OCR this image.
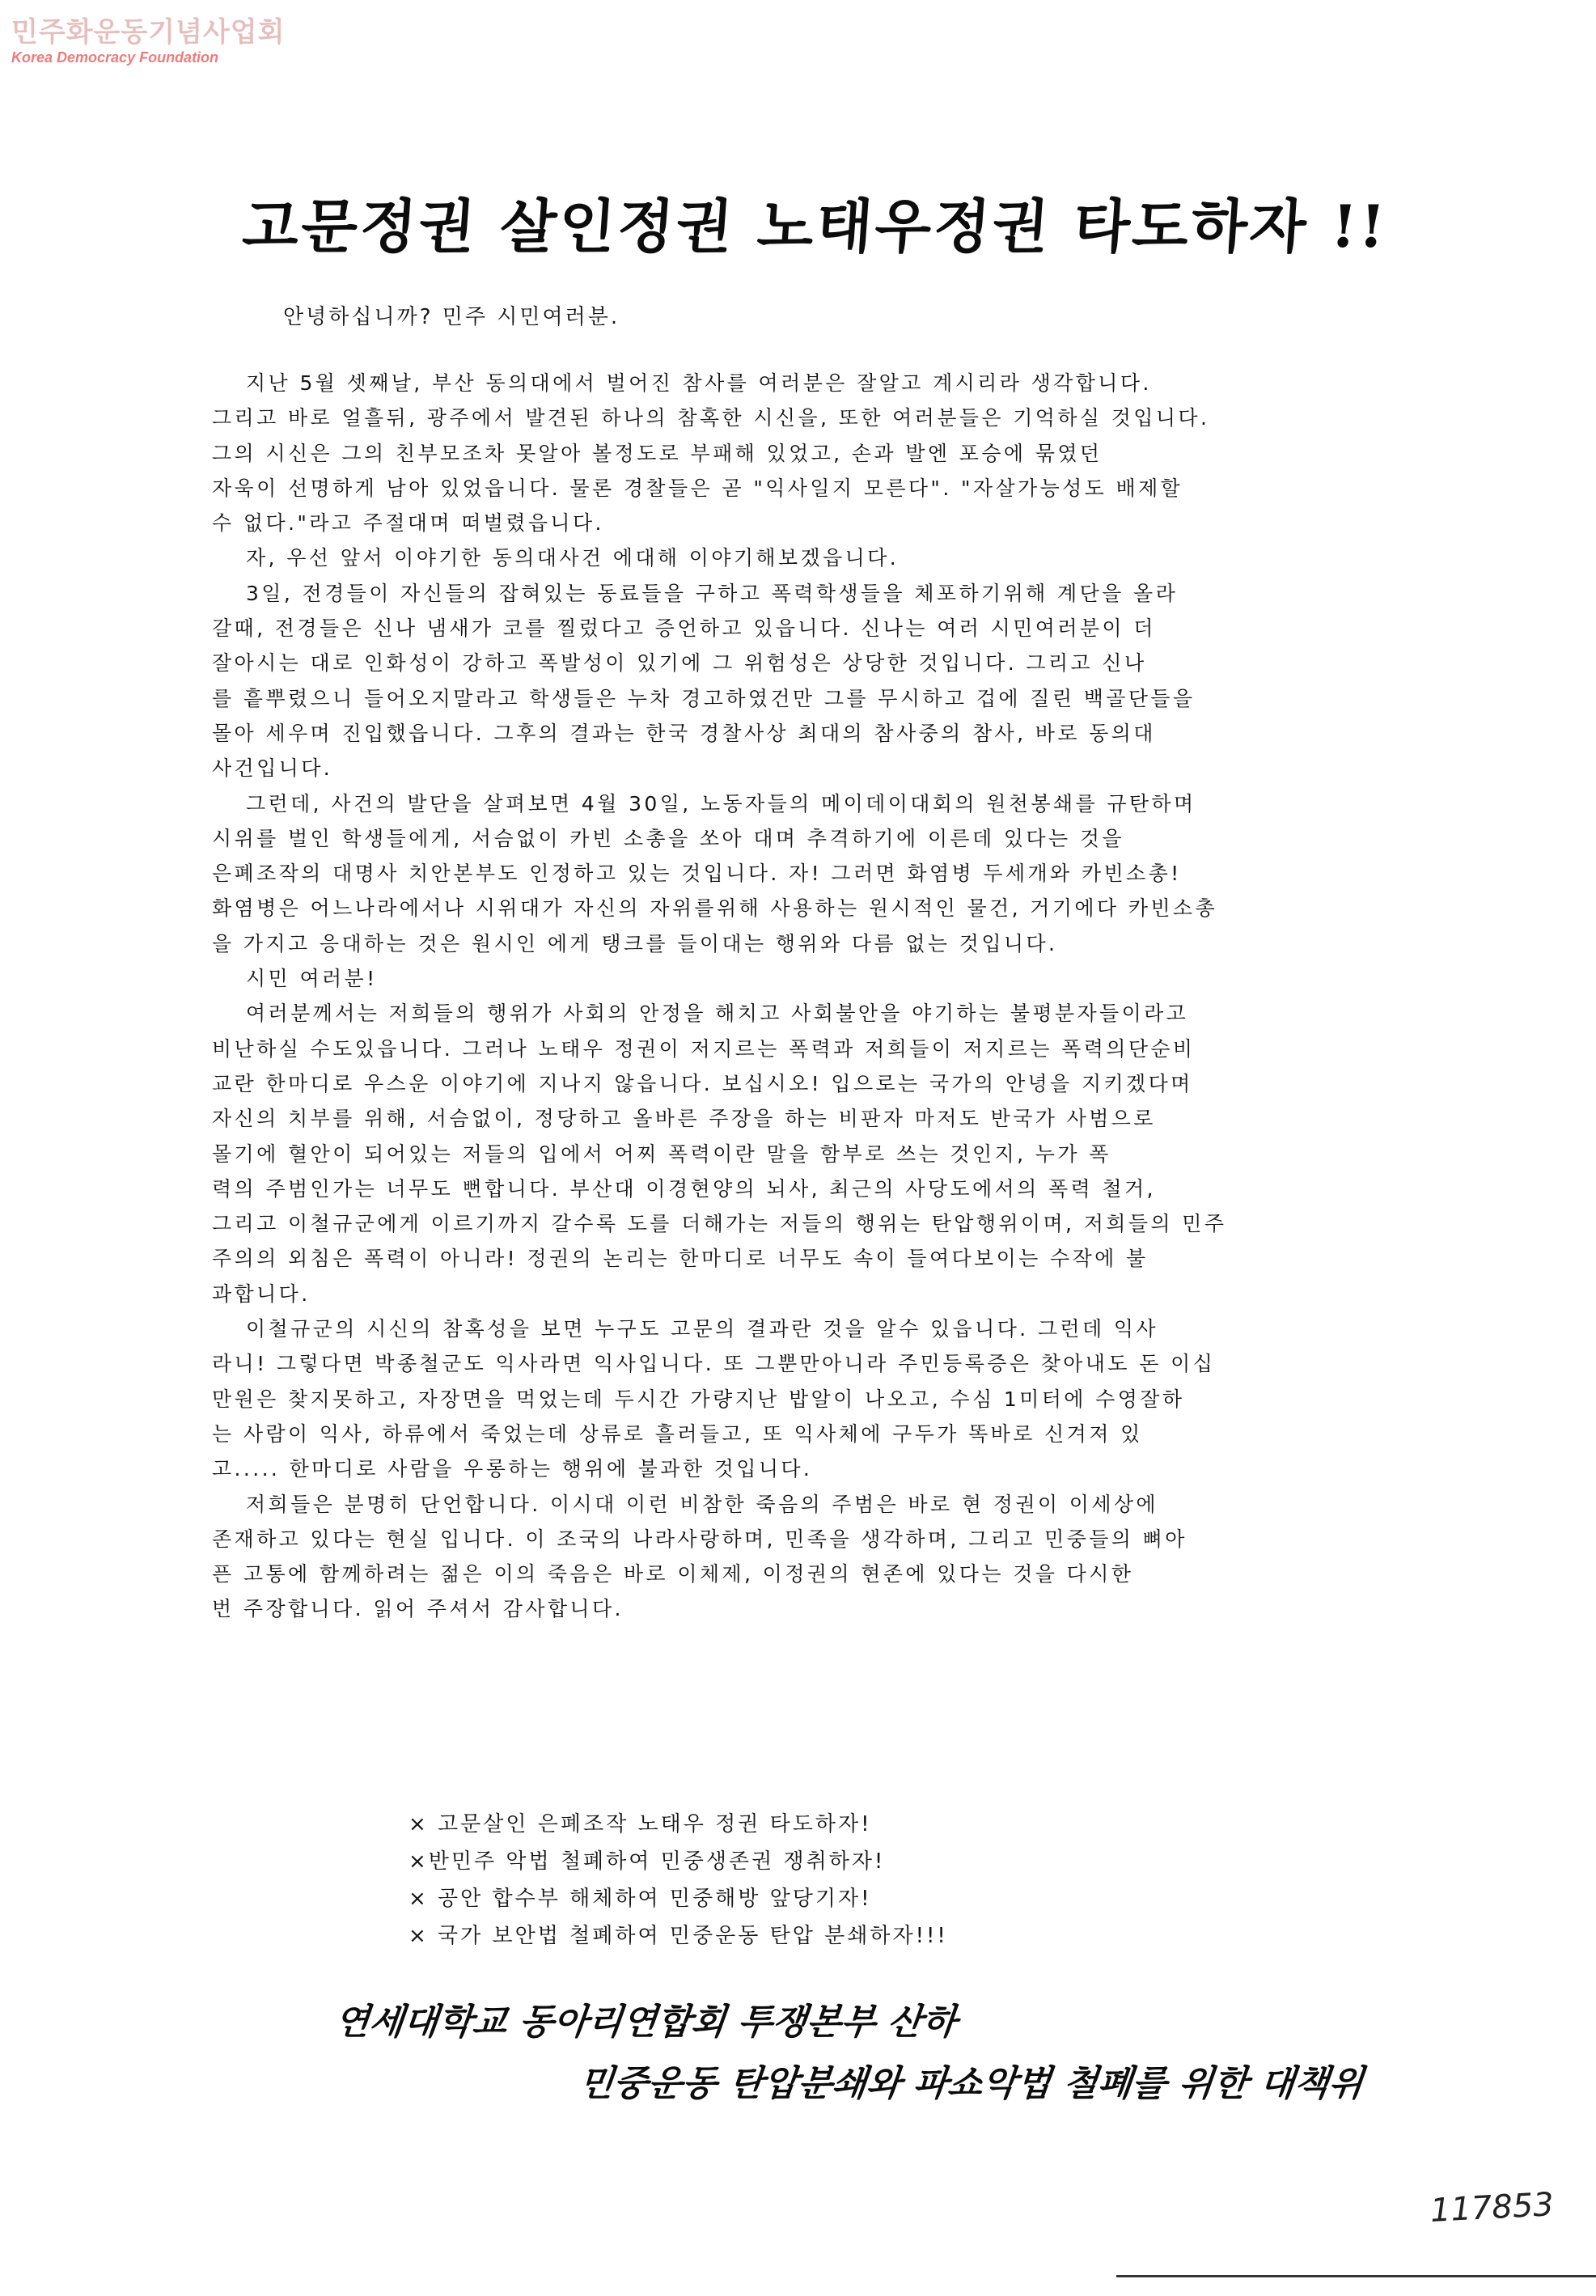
민주화운동기념사업회
Korea Democracy Foundation
고문정권 살인정권 노태우정권 타도하자 !!
안녕하십니까? 민주 시민여러분.
지난 5월 셋째날, 부산 동의대에서 벌어진 참사를 여러분은 잘알고 계시리라 생각합니다.
그리고 바로 얼흘뒤, 광주에서 발견된 하나의 참혹한 시신을, 또한 여러분들은 기억하실 것입니다.
그의 시신은 그의 친부모조차 못알아 볼정도로 부패해 있었고, 손과 발엔 포승에 묶였던
자욱이 선명하게 남아 있었읍니다. 물론 경찰들은 곧 "익사일지 모른다". "자살가능성도 배제할
수 없다."라고 주절대며 떠벌렸읍니다.
자, 우선 앞서 이야기한 동의대사건 에대해 이야기해보겠읍니다.
3일, 전경들이 자신들의 잡혀있는 동료들을 구하고 폭력학생들을 체포하기위해 계단을 올라
갈때, 전경들은 신나 냄새가 코를 찔렀다고 증언하고 있읍니다. 신나는 여러 시민여러분이 더
잘아시는 대로 인화성이 강하고 폭발성이 있기에 그 위험성은 상당한 것입니다. 그리고 신나
를 흩뿌렸으니 들어오지말라고 학생들은 누차 경고하였건만 그를 무시하고 겁에 질린 백골단들을
몰아 세우며 진입했읍니다. 그후의 결과는 한국 경찰사상 최대의 참사중의 참사, 바로 동의대
사건입니다.
그런데, 사건의 발단을 살펴보면 4월 30일, 노동자들의 메이데이대회의 원천봉쇄를 규탄하며
시위를 벌인 학생들에게, 서슴없이 카빈 소총을 쏘아 대며 추격하기에 이른데 있다는 것을
은폐조작의 대명사 치안본부도 인정하고 있는 것입니다. 자! 그러면 화염병 두세개와 카빈소총!
화염병은 어느나라에서나 시위대가 자신의 자위를위해 사용하는 원시적인 물건, 거기에다 카빈소총
을 가지고 응대하는 것은 원시인 에게 탱크를 들이대는 행위와 다름 없는 것입니다.
시민 여러분!
여러분께서는 저희들의 행위가 사회의 안정을 해치고 사회불안을 야기하는 불평분자들이라고
비난하실 수도있읍니다. 그러나 노태우 정권이 저지르는 폭력과 저희들이 저지르는 폭력의단순비
교란 한마디로 우스운 이야기에 지나지 않읍니다. 보십시오! 입으로는 국가의 안녕을 지키겠다며
자신의 치부를 위해, 서슴없이, 정당하고 올바른 주장을 하는 비판자 마저도 반국가 사범으로
몰기에 혈안이 되어있는 저들의 입에서 어찌 폭력이란 말을 함부로 쓰는 것인지, 누가 폭
력의 주범인가는 너무도 뻔합니다. 부산대 이경현양의 뇌사, 최근의 사당도에서의 폭력 철거,
그리고 이철규군에게 이르기까지 갈수록 도를 더해가는 저들의 행위는 탄압행위이며, 저희들의 민주
주의의 외침은 폭력이 아니라! 정권의 논리는 한마디로 너무도 속이 들여다보이는 수작에 불
과합니다.
이철규군의 시신의 참혹성을 보면 누구도 고문의 결과란 것을 알수 있읍니다. 그런데 익사
라니! 그렇다면 박종철군도 익사라면 익사입니다. 또 그뿐만아니라 주민등록증은 찾아내도 돈 이십
만원은 찾지못하고, 자장면을 먹었는데 두시간 가량지난 밥알이 나오고, 수심 1미터에 수영잘하
는 사람이 익사, 하류에서 죽었는데 상류로 흘러들고, 또 익사체에 구두가 똑바로 신겨져 있
고..... 한마디로 사람을 우롱하는 행위에 불과한 것입니다.
저희들은 분명히 단언합니다. 이시대 이런 비참한 죽음의 주범은 바로 현 정권이 이세상에
존재하고 있다는 현실 입니다. 이 조국의 나라사랑하며, 민족을 생각하며, 그리고 민중들의 뼈아
픈 고통에 함께하려는 젊은 이의 죽음은 바로 이체제, 이정권의 현존에 있다는 것을 다시한
번 주장합니다. 읽어 주셔서 감사합니다.
× 고문살인 은폐조작 노태우 정권 타도하자!
×반민주 악법 철폐하여 민중생존권 쟁취하자!
× 공안 합수부 해체하여 민중해방 앞당기자!
× 국가 보안법 철폐하여 민중운동 탄압 분쇄하자!!!
연세대학교 동아리연합회 투쟁본부 산하
민중운동 탄압분쇄와 파쇼악법 철폐를 위한 대책위
117853
